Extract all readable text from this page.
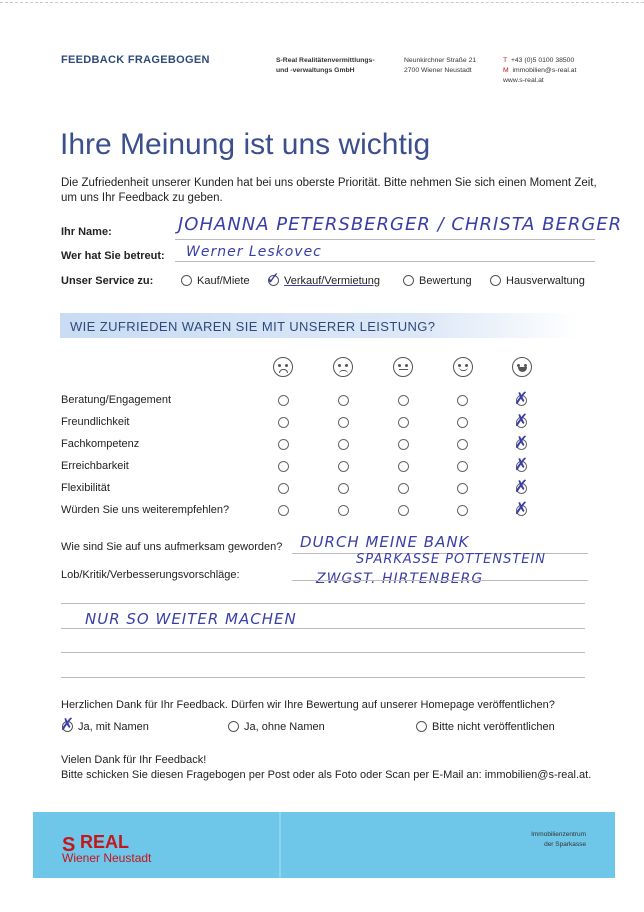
FEEDBACK FRAGEBOGEN	S-Real Realitätenvermittlungs-
und -verwaltungs GmbH
Neunkirchner Straße 21
2700 Wiener Neustadt
T +43 (0)5 0100 38500
M immobilien@s-real.at
www.s-real.at
Ihre Meinung ist uns wichtig
Die Zufriedenheit unserer Kunden hat bei uns oberste Priorität. Bitte nehmen Sie sich einen Moment Zeit, um uns Ihr Feedback zu geben.
Ihr Name:	JOHANNA PETERSBERGER / CHRISTA BERGER
Wer hat Sie betreut: Werner Leskovec
Unser Service zu:	Kauf/Miete ✓ Verkauf/Vermietung	Bewertung	Hausverwaltung
WIE ZUFRIEDEN WAREN SIE MIT UNSERER LEISTUNG?
Beratung/Engagement	✗
Freundlichkeit	✗
Fachkompetenz	✗
Erreichbarkeit	✗
Flexibilität	✗
Würden Sie uns weiterempfehlen?	✗
Wie sind Sie auf uns aufmerksam geworden? DURCH MEINE BANK
Lob/Kritik/Verbesserungsvorschläge:
SPARKASSE POTTENSTEIN
ZWGST. HIRTENBERG
NUR SO WEITER MACHEN
Herzlichen Dank für Ihr Feedback. Dürfen wir Ihre Bewertung auf unserer Homepage veröffentlichen?
✗ Ja, mit Namen	Ja, ohne Namen	Bitte nicht veröffentlichen
Vielen Dank für Ihr Feedback!
Bitte schicken Sie diesen Fragebogen per Post oder als Foto oder Scan per E-Mail an: immobilien@s-real.at.
S REAL
Wiener Neustadt
Immobilienzentrum
der Sparkasse
